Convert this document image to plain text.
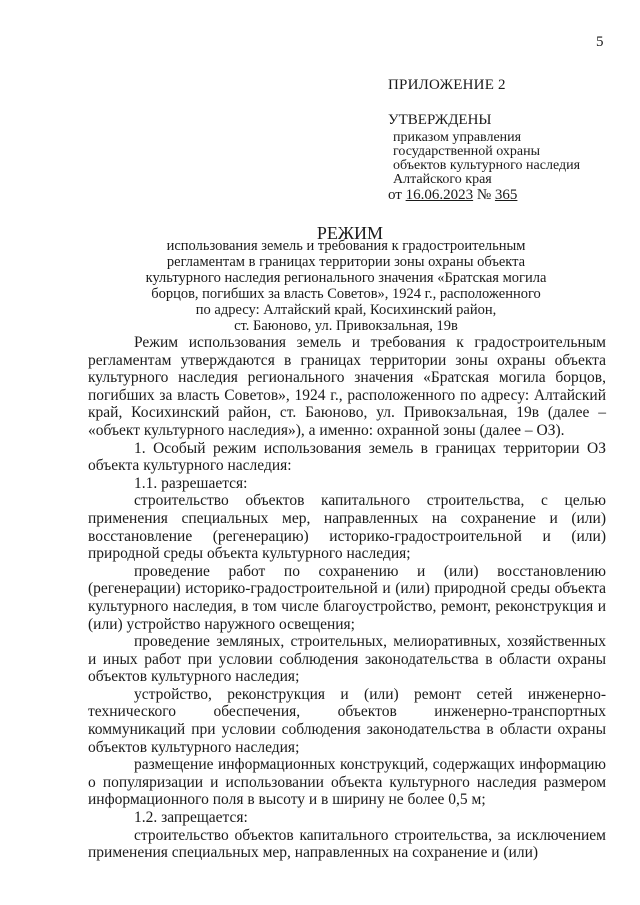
5
ПРИЛОЖЕНИЕ 2
УТВЕРЖДЕНЫ
приказом управления
государственной охраны
объектов культурного наследия
Алтайского края
от 16.06.2023 № 365
РЕЖИМ
использования земель и требования к градостроительным
регламентам в границах территории зоны охраны объекта
культурного наследия регионального значения «Братская могила
борцов, погибших за власть Советов», 1924 г., расположенного
по адресу: Алтайский край, Косихинский район,
ст. Баюново, ул. Привокзальная, 19в

Режим использования земель и требования к градостроительным регламентам утверждаются в границах территории зоны охраны объекта культурного наследия регионального значения «Братская могила борцов, погибших за власть Советов», 1924 г., расположенного по адресу: Алтайский край, Косихинский район, ст. Баюново, ул. Привокзальная, 19в (далее – «объект культурного наследия»), а именно: охранной зоны (далее – ОЗ).

1. Особый режим использования земель в границах территории ОЗ объекта культурного наследия:

1.1. разрешается:

строительство объектов капитального строительства, с целью применения специальных мер, направленных на сохранение и (или) восстановление (регенерацию) историко-градостроительной и (или) природной среды объекта культурного наследия;

проведение работ по сохранению и (или) восстановлению (регенерации) историко-градостроительной и (или) природной среды объекта культурного наследия, в том числе благоустройство, ремонт, реконструкция и (или) устройство наружного освещения;

проведение земляных, строительных, мелиоративных, хозяйственных и иных работ при условии соблюдения законодательства в области охраны объектов культурного наследия;

устройство, реконструкция и (или) ремонт сетей инженерно-технического обеспечения, объектов инженерно-транспортных коммуникаций при условии соблюдения законодательства в области охраны объектов культурного наследия;

размещение информационных конструкций, содержащих информацию о популяризации и использовании объекта культурного наследия размером информационного поля в высоту и в ширину не более 0,5 м;

1.2. запрещается:

строительство объектов капитального строительства, за исключением применения специальных мер, направленных на сохранение и (или)
